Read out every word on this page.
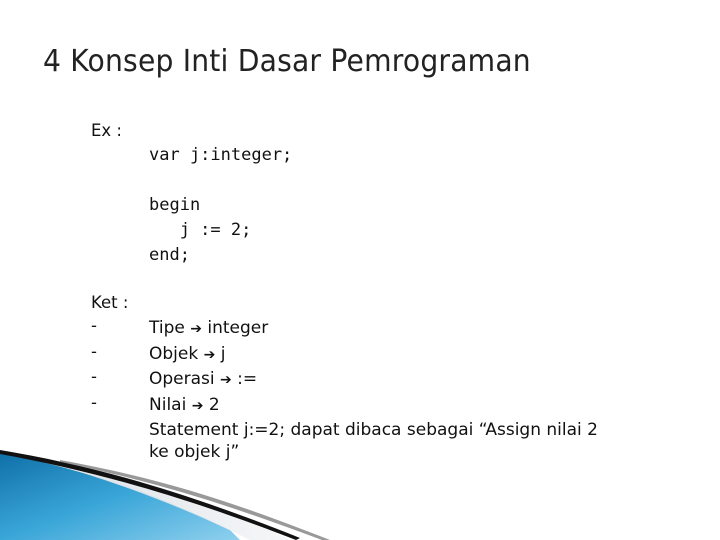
4 Konsep Inti Dasar Pemrograman
Ex :
var j:integer;
begin
j := 2;
end;
Ket :
-
-
-
-
Tipe ➔ integer
Objek ➔ j
Operasi ➔ :=
Nilai ➔ 2
Statement j:=2; dapat dibaca sebagai “Assign nilai 2
ke objek j”
